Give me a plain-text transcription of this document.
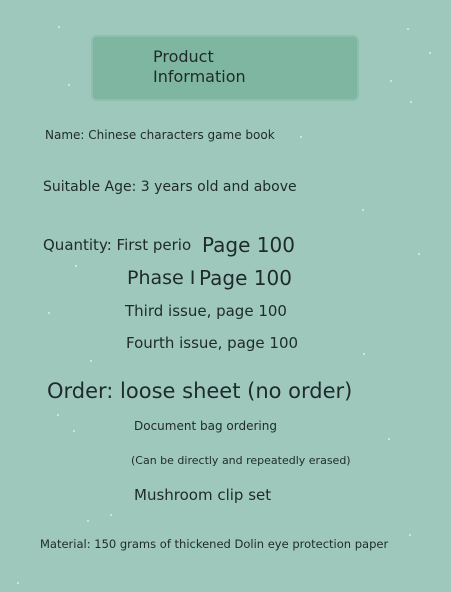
Product
Information
Name: Chinese characters game book
Suitable Age: 3 years old and above
Quantity: First perio Page 100
Phase I Page 100
Third issue, page 100
Fourth issue, page 100
Order: loose sheet (no order)
Document bag ordering
(Can be directly and repeatedly erased)
Mushroom clip set
Material: 150 grams of thickened Dolin eye protection paper
